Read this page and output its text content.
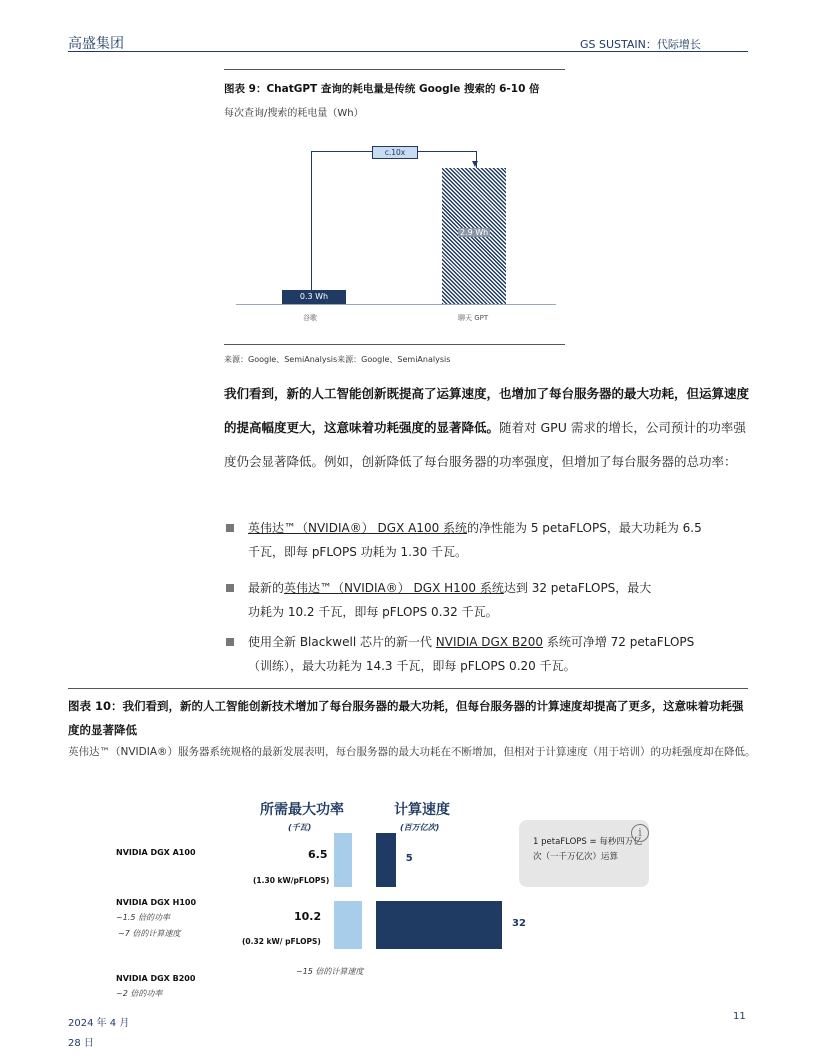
高盛集团	GS SUSTAIN：代际增长
图表 9：ChatGPT 查询的耗电量是传统 Google 搜索的 6-10 倍
每次查询/搜索的耗电量（Wh）
c.10x
0.3 Wh
2.9 Wh
谷歌	聊天 GPT
来源：Google、SemiAnalysis来源：Google、SemiAnalysis
我们看到，新的人工智能创新既提高了运算速度，也增加了每台服务器的最大功耗，但运算速度的提高幅度更大，这意味着功耗强度的显著降低。随着对 GPU 需求的增长，公司预计的功率强度仍会显著降低。例如，创新降低了每台服务器的功率强度，但增加了每台服务器的总功率：
英伟达™（NVIDIA®） DGX A100 系统的净性能为 5 petaFLOPS，最大功耗为 6.5
千瓦，即每 pFLOPS 功耗为 1.30 千瓦。
最新的英伟达™（NVIDIA®） DGX H100 系统达到 32 petaFLOPS，最大
功耗为 10.2 千瓦，即每 pFLOPS 0.32 千瓦。
使用全新 Blackwell 芯片的新一代 NVIDIA DGX B200 系统可净增 72 petaFLOPS
（训练），最大功耗为 14.3 千瓦，即每 pFLOPS 0.20 千瓦。
图表 10：我们看到，新的人工智能创新技术增加了每台服务器的最大功耗，但每台服务器的计算速度却提高了更多，这意味着功耗强度的显著降低
英伟达™（NVIDIA®）服务器系统规格的最新发展表明，每台服务器的最大功耗在不断增加，但相对于计算速度（用于培训）的功耗强度却在降低。
所需最大功率
(千瓦)
计算速度
(百万亿次)
NVIDIA DGX A100	6.5
(1.30 kW/pFLOPS)
5
NVIDIA DGX H100
~1.5 倍的功率
~7 倍的计算速度
10.2
(0.32 kW/ pFLOPS)
32
~15 倍的计算速度
NVIDIA DGX B200
~2 倍的功率
1 petaFLOPS = 每秒四万亿次（一千万亿次）运算
i
2024 年 4 月
28 日
11
